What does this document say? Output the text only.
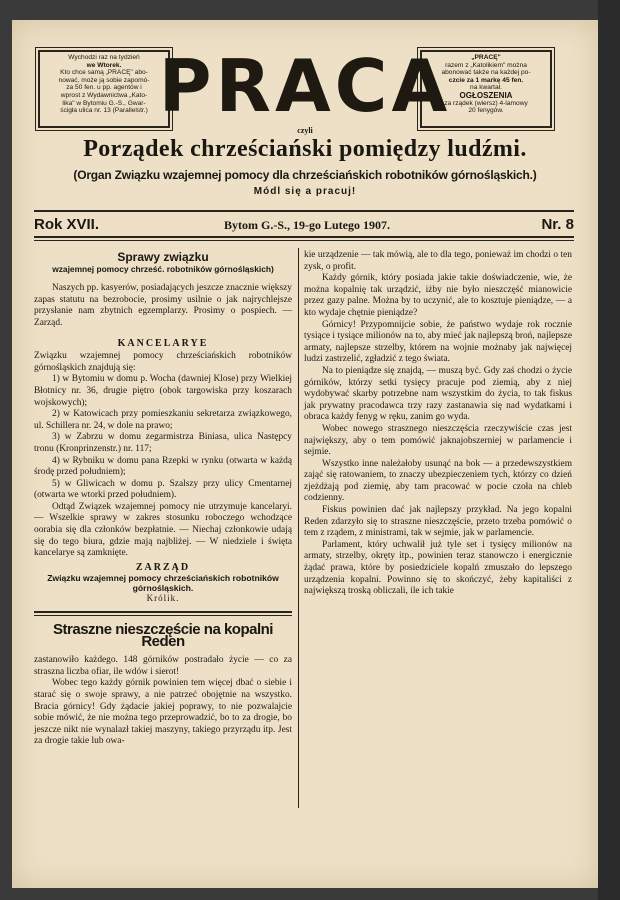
Wychodzi raz na tydzień
we Wtorek.
Kto chce samą „PRACĘ" abo-
nować, może ją sobie zapomó-
za 50 fen. u pp. agentów i
wprost z Wydawnictwa „Kato-
lika" w Bytomiu G.-S., Gwar-
ścigła ulica nr. 13 (Parallelstr.)
„PRACĘ"
razem z „Katolikiem" można
abonować także na każdej po-
czcie za 1 markę 45 fen.
na kwartał.
OGŁOSZENIA
za rządek (wiersz) 4-lamowy
20 fenygów.
PRACA
czyli
Porządek chrześciański pomiędzy ludźmi.
(Organ Związku wzajemnej pomocy dla chrześciańskich robotników górnośląskich.)
Módl się a pracuj!
Rok XVII.	Bytom G.-S., 19-go Lutego 1907.	Nr. 8
Sprawy związku
wzajemnej pomocy chrześć. robotników górnośląskich)

Naszych pp. kasyerów, posiadających jeszcze znacznie większy zapas statutu na bezrobocie, prosimy usilnie o jak najrychlejsze przysłanie nam zbytnich egzemplarzy. Prosimy o pospiech. — Zarząd.

KANCELARYE

Związku wzajemnej pomocy chrześciańskich robotników górnośląskich znajdują się:

1) w Bytomiu w domu p. Wocha (dawniej Klose) przy Wielkiej Błotnicy nr. 36, drugie piętro (obok targowiska przy koszarach wojskowych);

2) w Katowicach przy pomieszkaniu sekretarza związkowego, ul. Schillera nr. 24, w dole na prawo;

3) w Zabrzu w domu zegarmistrza Biniasa, ulica Następcy tronu (Kronprinzenstr.) nr. 117;

4) w Rybniku w domu pana Rzepki w rynku (otwarta w każdą środę przed południem);

5) w Gliwicach w domu p. Szalszy przy ulicy Cmentarnej (otwarta we wtorki przed południem).

Odtąd Związek wzajemnej pomocy nie utrzymuje kancelaryi. — Wszelkie sprawy w zakres stosunku roboczego wchodzące oorabia się dla członków bezpłatnie. — Niechaj członkowie udają się do tego biura, gdzie mają najbliżej. — W niedziele i święta kancelarye są zamknięte.

ZARZĄD
Związku wzajemnej pomocy chrześciańskich robotników górnośląskich.
Królik.
Straszne nieszczęście na kopalni Reden

zastanowiło każdego. 148 górników postradało życie — co za straszna liczba ofiar, ile wdów i sierot!

Wobec tego każdy górnik powinien tem więcej dbać o siebie i starać się o swoje sprawy, a nie patrzeć obojętnie na wszystko. Bracia górnicy! Gdy żądacie jakiej poprawy, to nie pozwalajcie sobie mówić, że nie można tego przeprowadzić, bo to za drogie, bo jeszcze nikt nie wynalazł takiej maszyny, takiego przyrządu itp. Jest za drogie takie lub owa-

kie urządzenie — tak mówią, ale to dla tego, ponieważ im chodzi o ten zysk, o profit.

Każdy górnik, który posiada jakie takie doświadczenie, wie, że można kopalnię tak urządzić, iżby nie było nieszczęść mianowicie przez gazy palne. Można by to uczynić, ale to kosztuje pieniądze, — a kto wydaje chętnie pieniądze?

Górnicy! Przypomnijcie sobie, że państwo wydaje rok rocznie tysiące i tysiące milionów na to, aby mieć jak najlepszą broń, najlepsze armaty, najlepsze strzelby, którem na wojnie możnaby jak najwięcej ludzi zastrzelić, zgładzić z tego świata.

Na to pieniądze się znajdą, — muszą być. Gdy zaś chodzi o życie górników, którzy setki tysięcy pracuje pod ziemią, aby z niej wydobywać skarby potrzebne nam wszystkim do życia, to tak fiskus jak prywatny pracodawca trzy razy zastanawia się nad wydatkami i obraca każdy fenyg w ręku, zanim go wyda.

Wobec nowego strasznego nieszczęścia rzeczywiście czas jest największy, aby o tem pomówić jaknajobszerniej w parlamencie i sejmie.

Wszystko inne należałoby usunąć na bok — a przedewszystkiem zająć się ratowaniem, to znaczy ubezpieczeniem tych, którzy co dzień zjeżdżają pod ziemię, aby tam pracować w pocie czoła na chleb codzienny.

Fiskus powinien dać jak najlepszy przykład. Na jego kopalni Reden zdarzyło się to straszne nieszczęście, przeto trzeba pomówić o tem z rządem, z ministrami, tak w sejmie, jak w parlamencie.

Parlament, który uchwalił już tyle set i tysięcy milionów na armaty, strzelby, okręty itp., powinien teraz stanowczo i energicznie żądać prawa, które by posiedziciele kopalń zmuszało do lepszego urządzenia kopalni. Powinno się to skończyć, żeby kapitaliści z największą troską obliczali, ile ich takie
